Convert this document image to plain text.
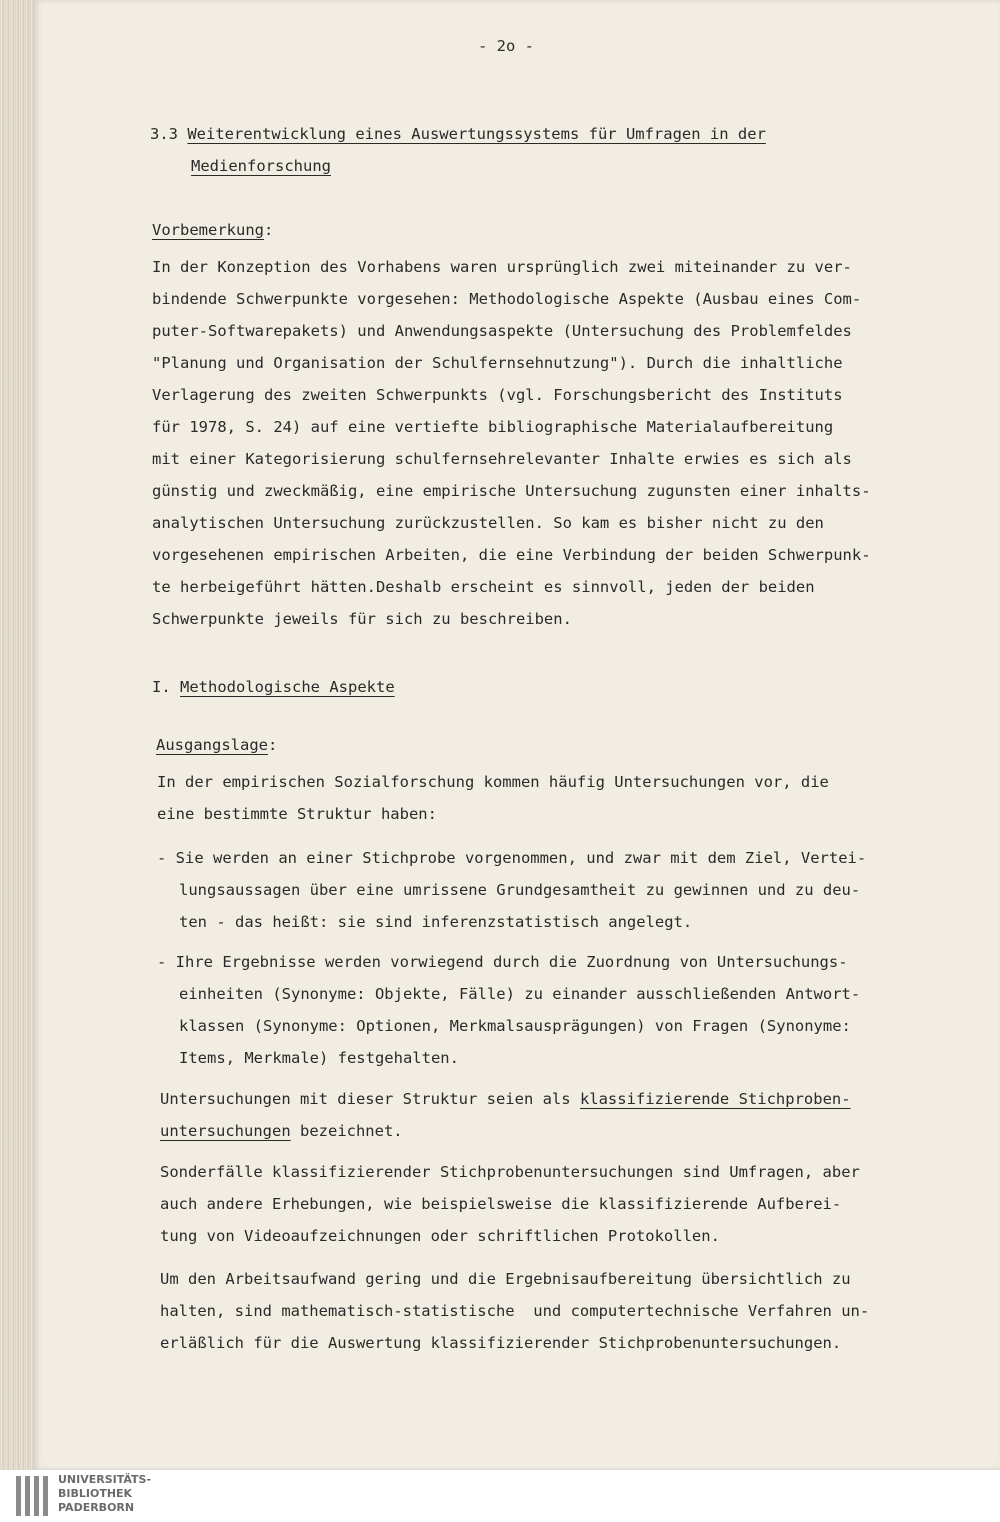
- 2o -
3.3 Weiterentwicklung eines Auswertungssystems für Umfragen in der
Medienforschung
Vorbemerkung:
In der Konzeption des Vorhabens waren ursprünglich zwei miteinander zu ver-
bindende Schwerpunkte vorgesehen: Methodologische Aspekte (Ausbau eines Com-
puter-Softwarepakets) und Anwendungsaspekte (Untersuchung des Problemfeldes
"Planung und Organisation der Schulfernsehnutzung"). Durch die inhaltliche
Verlagerung des zweiten Schwerpunkts (vgl. Forschungsbericht des Instituts
für 1978, S. 24) auf eine vertiefte bibliographische Materialaufbereitung
mit einer Kategorisierung schulfernsehrelevanter Inhalte erwies es sich als
günstig und zweckmäßig, eine empirische Untersuchung zugunsten einer inhalts-
analytischen Untersuchung zurückzustellen. So kam es bisher nicht zu den
vorgesehenen empirischen Arbeiten, die eine Verbindung der beiden Schwerpunk-
te herbeigeführt hätten.Deshalb erscheint es sinnvoll, jeden der beiden
Schwerpunkte jeweils für sich zu beschreiben.
I. Methodologische Aspekte
Ausgangslage:
In der empirischen Sozialforschung kommen häufig Untersuchungen vor, die
eine bestimmte Struktur haben:
- Sie werden an einer Stichprobe vorgenommen, und zwar mit dem Ziel, Vertei-
lungsaussagen über eine umrissene Grundgesamtheit zu gewinnen und zu deu-
ten - das heißt: sie sind inferenzstatistisch angelegt.
- Ihre Ergebnisse werden vorwiegend durch die Zuordnung von Untersuchungs-
einheiten (Synonyme: Objekte, Fälle) zu einander ausschließenden Antwort-
klassen (Synonyme: Optionen, Merkmalsausprägungen) von Fragen (Synonyme:
Items, Merkmale) festgehalten.
Untersuchungen mit dieser Struktur seien als klassifizierende Stichproben-
untersuchungen bezeichnet.
Sonderfälle klassifizierender Stichprobenuntersuchungen sind Umfragen, aber
auch andere Erhebungen, wie beispielsweise die klassifizierende Aufberei-
tung von Videoaufzeichnungen oder schriftlichen Protokollen.
Um den Arbeitsaufwand gering und die Ergebnisaufbereitung übersichtlich zu
halten, sind mathematisch-statistische  und computertechnische Verfahren un-
erläßlich für die Auswertung klassifizierender Stichprobenuntersuchungen.
UNIVERSITÄTS-
BIBLIOTHEK
PADERBORN
